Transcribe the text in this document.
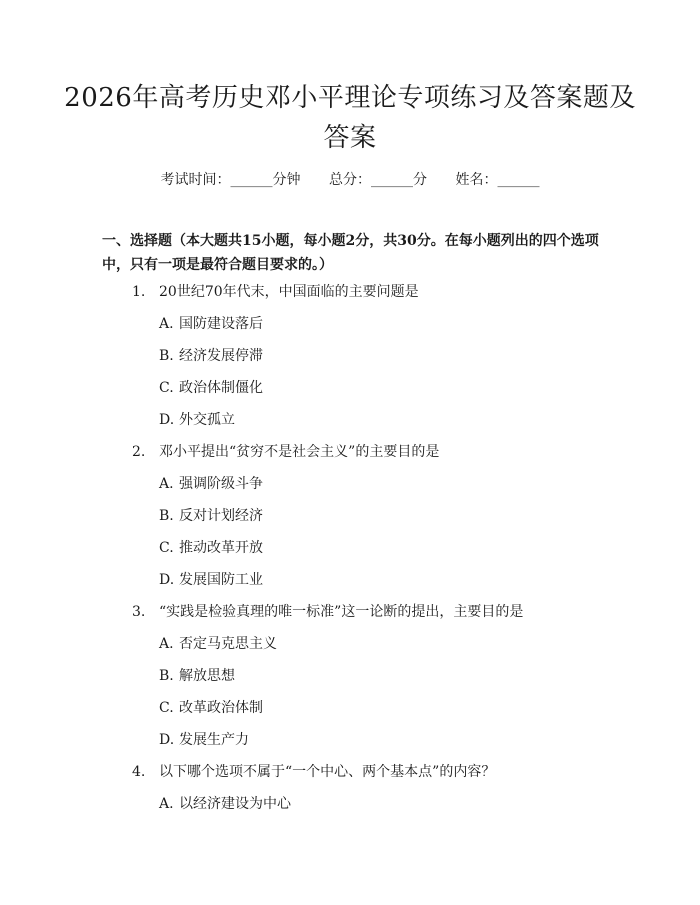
2026年高考历史邓小平理论专项练习及答案题及答案
考试时间：______分钟 总分：______分 姓名：______
一、选择题（本大题共15小题，每小题2分，共30分。在每小题列出的四个选项中，只有一项是最符合题目要求的。）
1. 20世纪70年代末，中国面临的主要问题是
A. 国防建设落后
B. 经济发展停滞
C. 政治体制僵化
D. 外交孤立
2. 邓小平提出“贫穷不是社会主义”的主要目的是
A. 强调阶级斗争
B. 反对计划经济
C. 推动改革开放
D. 发展国防工业
3. “实践是检验真理的唯一标准”这一论断的提出，主要目的是
A. 否定马克思主义
B. 解放思想
C. 改革政治体制
D. 发展生产力
4. 以下哪个选项不属于“一个中心、两个基本点”的内容？
A. 以经济建设为中心
